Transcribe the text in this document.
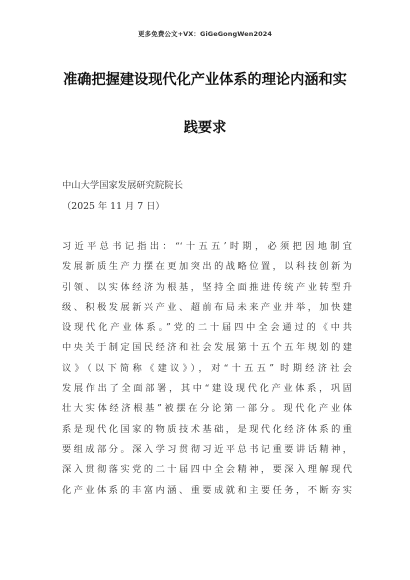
更多免费公文+VX：GiGeGongWen2024
准确把握建设现代化产业体系的理论内涵和实
践要求
中山大学国家发展研究院院长
（2025 年 11 月 7 日）
习近平总书记指出：“‘十五五’时期，必须把因地制宜
发展新质生产力摆在更加突出的战略位置，以科技创新为
引领、以实体经济为根基，坚持全面推进传统产业转型升
级、积极发展新兴产业、超前布局未来产业并举，加快建
设现代化产业体系。”党的二十届四中全会通过的《中共
中央关于制定国民经济和社会发展第十五个五年规划的建
议》（以下简称《建议》），对“十五五” 时期经济社会
发展作出了全面部署，其中“建设现代化产业体系，巩固
壮大实体经济根基”被摆在分论第一部分。现代化产业体
系是现代化国家的物质技术基础，是现代化经济体系的重
要组成部分。深入学习贯彻习近平总书记重要讲话精神，
深入贯彻落实党的二十届四中全会精神，要深入理解现代
化产业体系的丰富内涵、重要成就和主要任务，不断夯实
